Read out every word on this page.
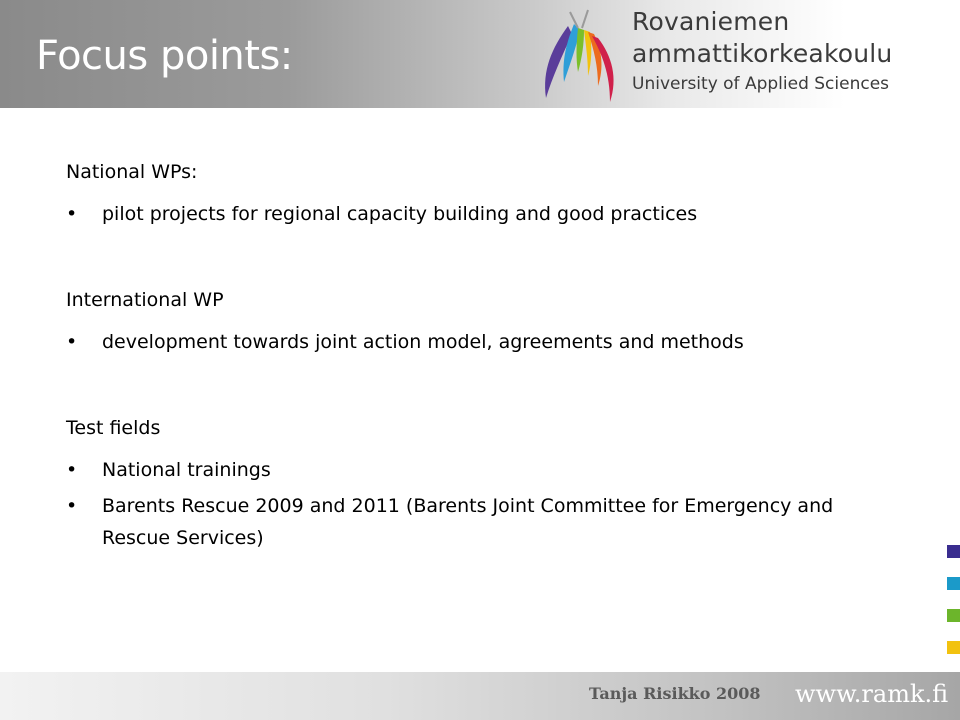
Focus points:
Rovaniemen
ammattikorkeakoulu
University of Applied Sciences
National WPs:
• pilot projects for regional capacity building and good practices
International WP
• development towards joint action model, agreements and methods
Test fields
• National trainings
• Barents Rescue 2009 and 2011 (Barents Joint Committee for Emergency and Rescue Services)
Tanja Risikko 2008 www.ramk.fi
